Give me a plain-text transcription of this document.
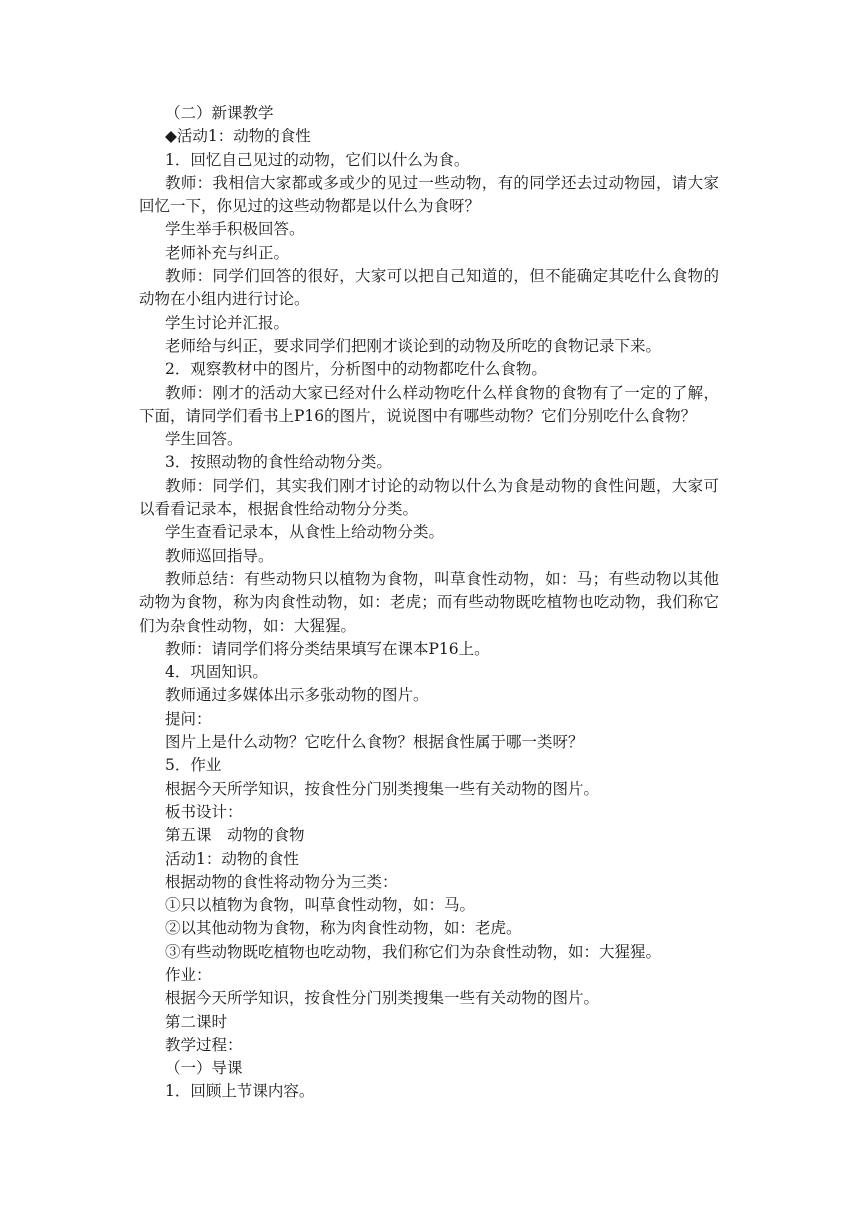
（二）新课教学

◆活动1：动物的食性

1．回忆自己见过的动物，它们以什么为食。

教师：我相信大家都或多或少的见过一些动物，有的同学还去过动物园，请大家回忆一下，你见过的这些动物都是以什么为食呀？

学生举手积极回答。

老师补充与纠正。

教师：同学们回答的很好，大家可以把自己知道的，但不能确定其吃什么食物的动物在小组内进行讨论。

学生讨论并汇报。

老师给与纠正，要求同学们把刚才谈论到的动物及所吃的食物记录下来。

2．观察教材中的图片，分析图中的动物都吃什么食物。

教师：刚才的活动大家已经对什么样动物吃什么样食物的食物有了一定的了解，下面，请同学们看书上P16的图片，说说图中有哪些动物？它们分别吃什么食物？

学生回答。

3．按照动物的食性给动物分类。

教师：同学们，其实我们刚才讨论的动物以什么为食是动物的食性问题，大家可以看看记录本，根据食性给动物分分类。

学生查看记录本，从食性上给动物分类。

教师巡回指导。

教师总结：有些动物只以植物为食物，叫草食性动物，如：马；有些动物以其他动物为食物，称为肉食性动物，如：老虎；而有些动物既吃植物也吃动物，我们称它们为杂食性动物，如：大猩猩。

教师：请同学们将分类结果填写在课本P16上。

4．巩固知识。

教师通过多媒体出示多张动物的图片。

提问：

图片上是什么动物？它吃什么食物？根据食性属于哪一类呀？

5．作业

根据今天所学知识，按食性分门别类搜集一些有关动物的图片。

板书设计：

第五课　动物的食物

活动1：动物的食性

根据动物的食性将动物分为三类：

①只以植物为食物，叫草食性动物，如：马。

②以其他动物为食物，称为肉食性动物，如：老虎。

③有些动物既吃植物也吃动物，我们称它们为杂食性动物，如：大猩猩。

作业：

根据今天所学知识，按食性分门别类搜集一些有关动物的图片。

第二课时

教学过程：

（一）导课

1．回顾上节课内容。
